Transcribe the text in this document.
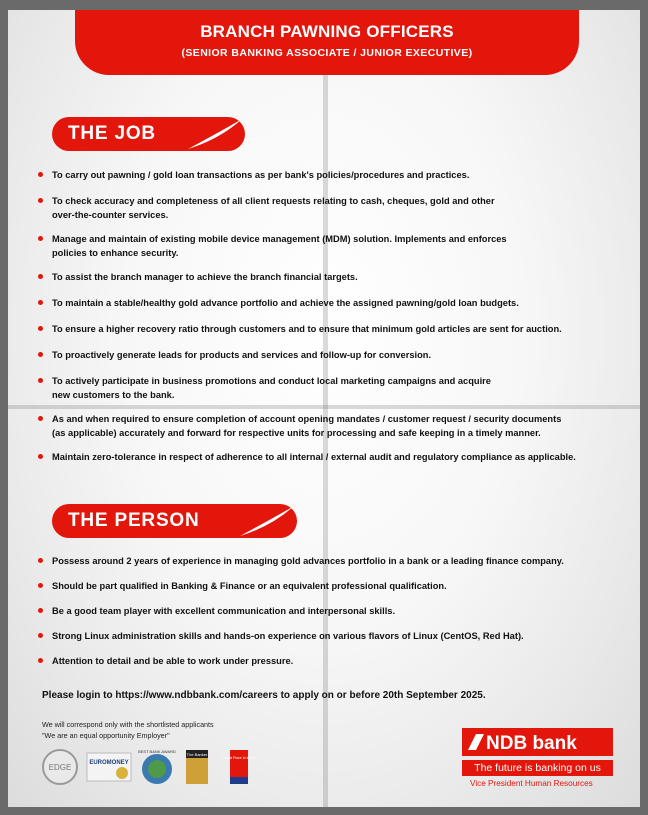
BRANCH PAWNING OFFICERS
(SENIOR BANKING ASSOCIATE / JUNIOR EXECUTIVE)
THE JOB
To carry out pawning / gold loan transactions as per bank's policies/procedures and practices.
To check accuracy and completeness of all client requests relating to cash, cheques, gold and other
over-the-counter services.
Manage and maintain of existing mobile device management (MDM) solution. Implements and enforces
policies to enhance security.
To assist the branch manager to achieve the branch financial targets.
To maintain a stable/healthy gold advance portfolio and achieve the assigned pawning/gold loan budgets.
To ensure a higher recovery ratio through customers and to ensure that minimum gold articles are sent for auction.
To proactively generate leads for products and services and follow-up for conversion.
To actively participate in business promotions and conduct local marketing campaigns and acquire
new customers to the bank.
As and when required to ensure completion of account opening mandates / customer request / security documents
(as applicable) accurately and forward for respective units for processing and safe keeping in a timely manner.
Maintain zero-tolerance in respect of adherence to all internal / external audit and regulatory compliance as applicable.
THE PERSON
Possess around 2 years of experience in managing gold advances portfolio in a bank or a leading finance company.
Should be part qualified in Banking & Finance or an equivalent professional qualification.
Be a good team player with excellent communication and interpersonal skills.
Strong Linux administration skills and hands-on experience on various flavors of Linux (CentOS, Red Hat).
Attention to detail and be able to work under pressure.
Please login to https://www.ndbbank.com/careers to apply on or before 20th September 2025.
We will correspond only with the shortlisted applicants
"We are an equal opportunity Employer"
EDGE	EUROMONEY
BEST BANK AWARD
The Banker
Great Place to Work
NDB bank
The future is banking on us
Vice President Human Resources
